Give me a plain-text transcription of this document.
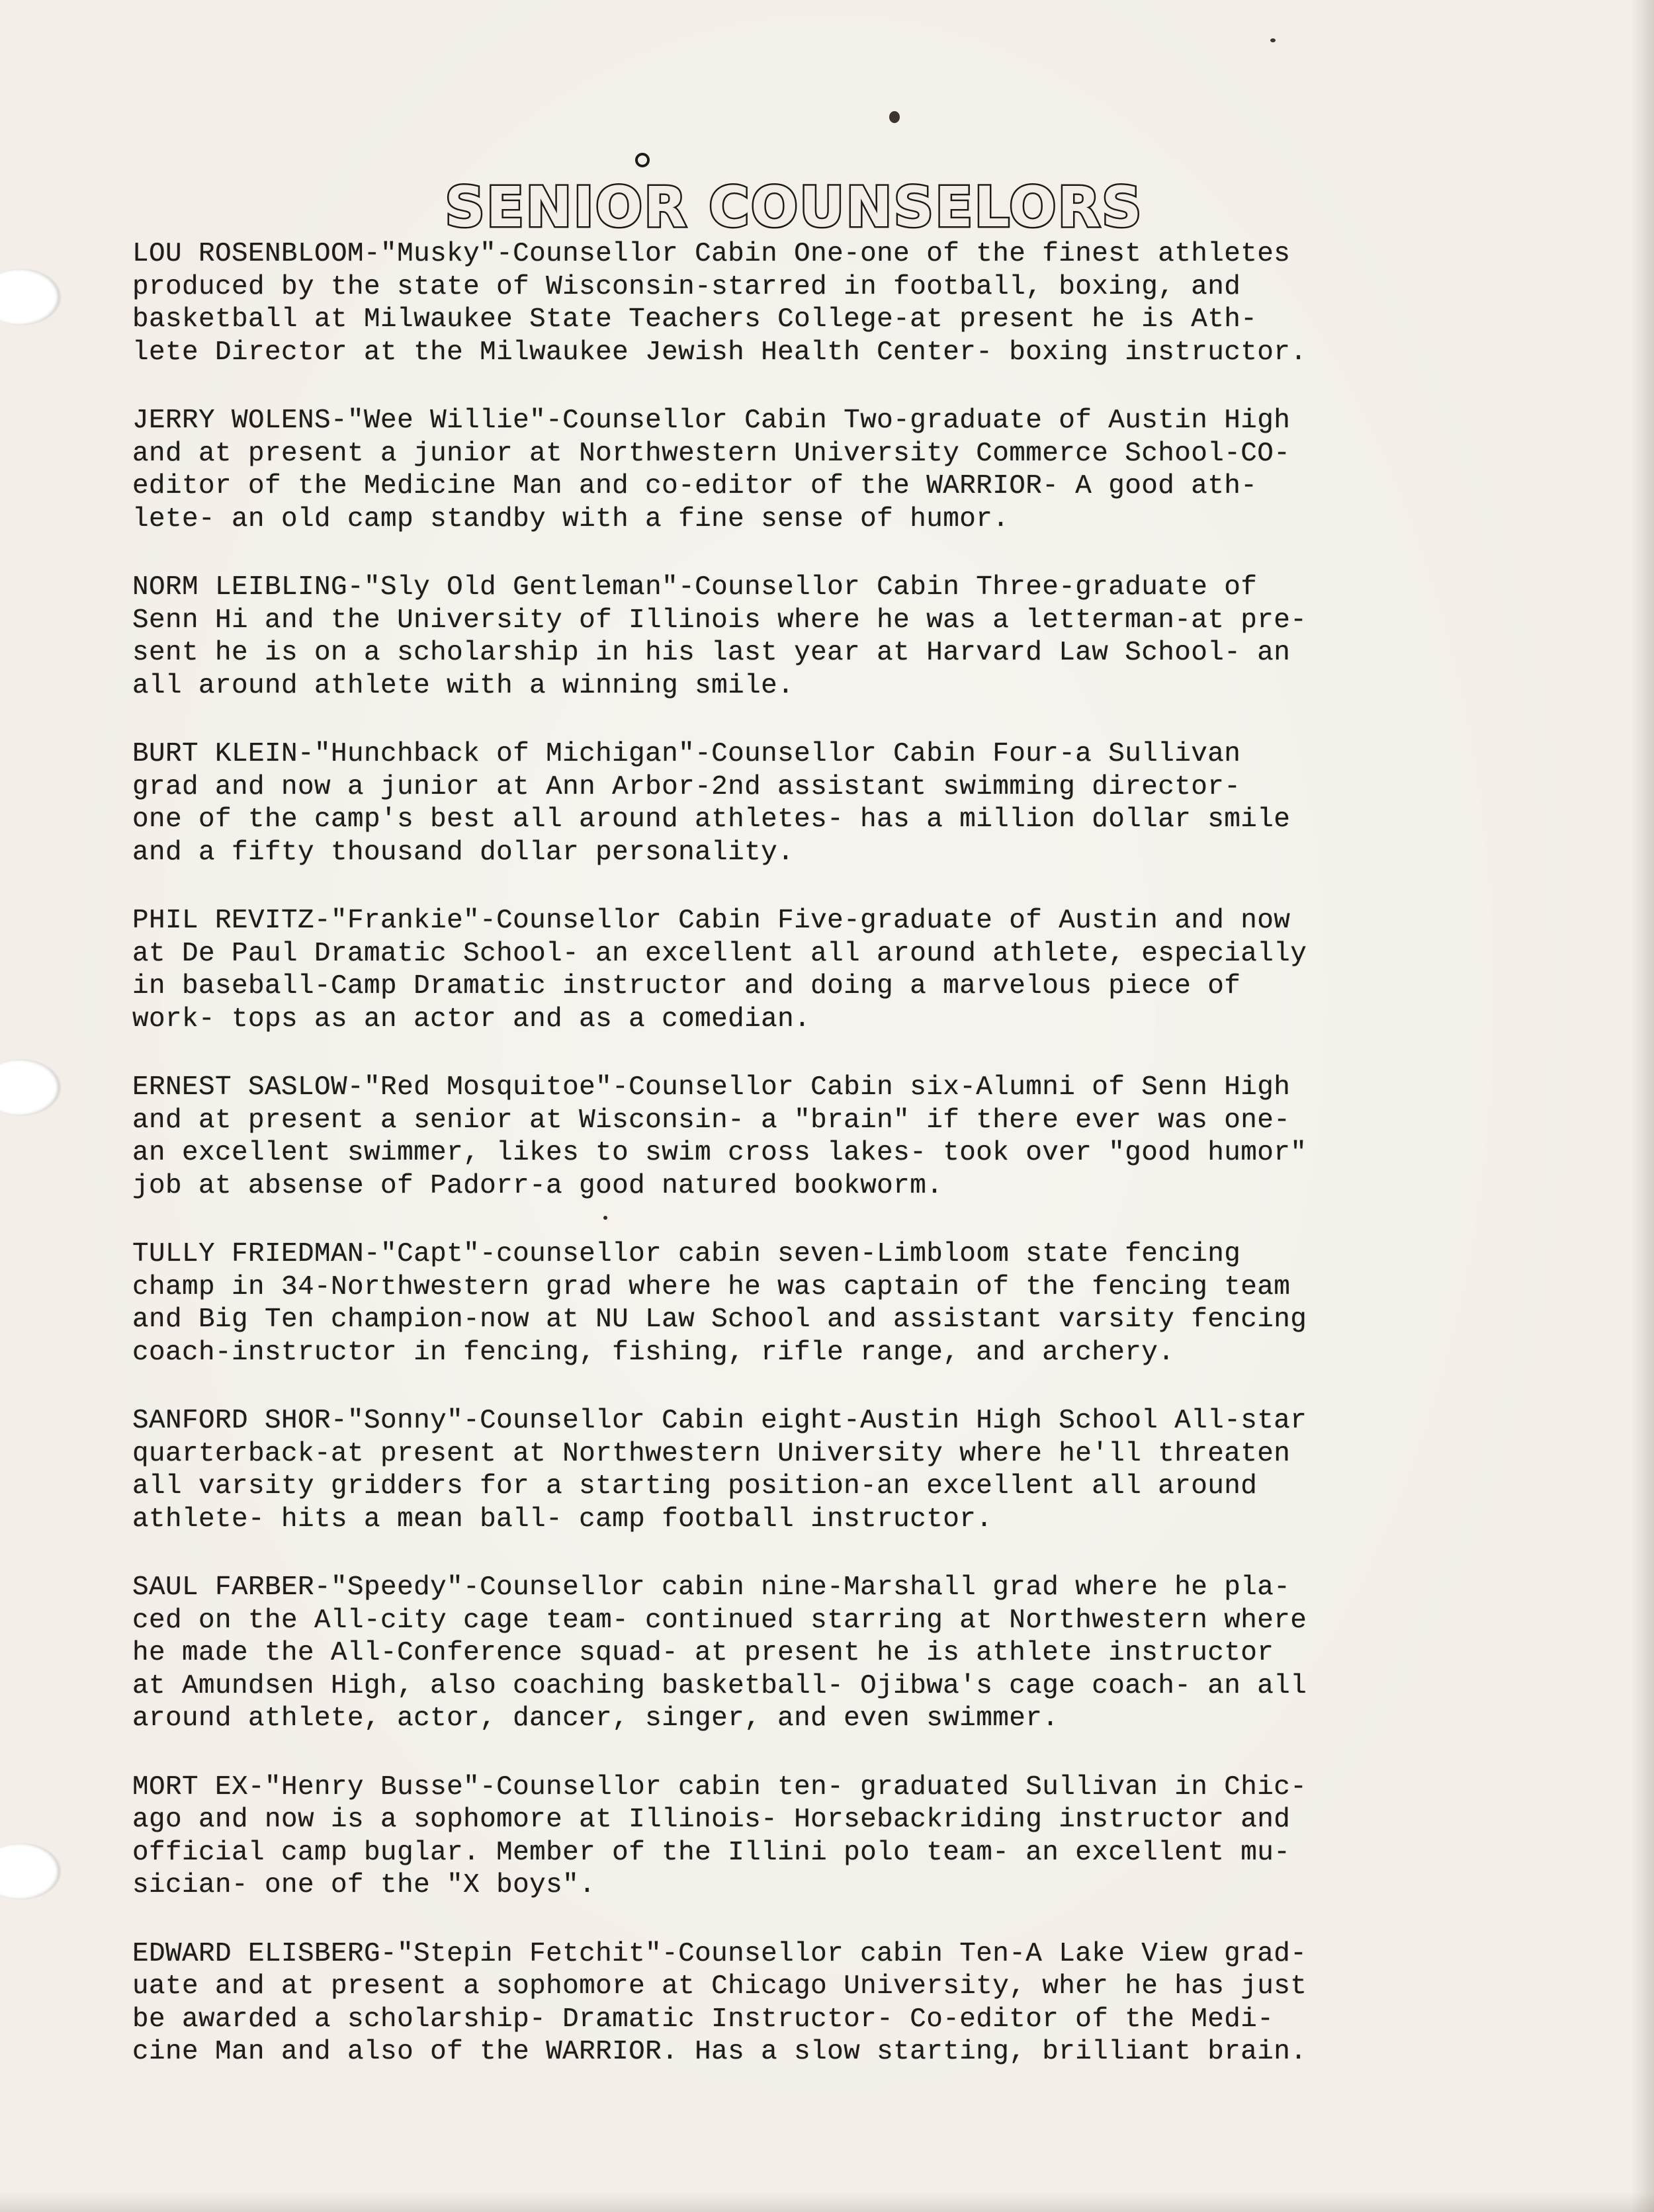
SENIOR COUNSELORS
LOU ROSENBLOOM-"Musky"-Counsellor Cabin One-one of the finest athletes
produced by the state of Wisconsin-starred in football, boxing, and
basketball at Milwaukee State Teachers College-at present he is Ath-
lete Director at the Milwaukee Jewish Health Center- boxing instructor.
JERRY WOLENS-"Wee Willie"-Counsellor Cabin Two-graduate of Austin High
and at present a junior at Northwestern University Commerce School-CO-
editor of the Medicine Man and co-editor of the WARRIOR- A good ath-
lete- an old camp standby with a fine sense of humor.
NORM LEIBLING-"Sly Old Gentleman"-Counsellor Cabin Three-graduate of
Senn Hi and the University of Illinois where he was a letterman-at pre-
sent he is on a scholarship in his last year at Harvard Law School- an
all around athlete with a winning smile.
BURT KLEIN-"Hunchback of Michigan"-Counsellor Cabin Four-a Sullivan
grad and now a junior at Ann Arbor-2nd assistant swimming director-
one of the camp's best all around athletes- has a million dollar smile
and a fifty thousand dollar personality.
PHIL REVITZ-"Frankie"-Counsellor Cabin Five-graduate of Austin and now
at De Paul Dramatic School- an excellent all around athlete, especially
in baseball-Camp Dramatic instructor and doing a marvelous piece of
work- tops as an actor and as a comedian.
ERNEST SASLOW-"Red Mosquitoe"-Counsellor Cabin six-Alumni of Senn High
and at present a senior at Wisconsin- a "brain" if there ever was one-
an excellent swimmer, likes to swim cross lakes- took over "good humor"
job at absense of Padorr-a good natured bookworm.
TULLY FRIEDMAN-"Capt"-counsellor cabin seven-Limbloom state fencing
champ in 34-Northwestern grad where he was captain of the fencing team
and Big Ten champion-now at NU Law School and assistant varsity fencing
coach-instructor in fencing, fishing, rifle range, and archery.
SANFORD SHOR-"Sonny"-Counsellor Cabin eight-Austin High School All-star
quarterback-at present at Northwestern University where he'll threaten
all varsity gridders for a starting position-an excellent all around
athlete- hits a mean ball- camp football instructor.
SAUL FARBER-"Speedy"-Counsellor cabin nine-Marshall grad where he pla-
ced on the All-city cage team- continued starring at Northwestern where
he made the All-Conference squad- at present he is athlete instructor
at Amundsen High, also coaching basketball- Ojibwa's cage coach- an all
around athlete, actor, dancer, singer, and even swimmer.
MORT EX-"Henry Busse"-Counsellor cabin ten- graduated Sullivan in Chic-
ago and now is a sophomore at Illinois- Horsebackriding instructor and
official camp buglar. Member of the Illini polo team- an excellent mu-
sician- one of the "X boys".
EDWARD ELISBERG-"Stepin Fetchit"-Counsellor cabin Ten-A Lake View grad-
uate and at present a sophomore at Chicago University, wher he has just
be awarded a scholarship- Dramatic Instructor- Co-editor of the Medi-
cine Man and also of the WARRIOR. Has a slow starting, brilliant brain.
